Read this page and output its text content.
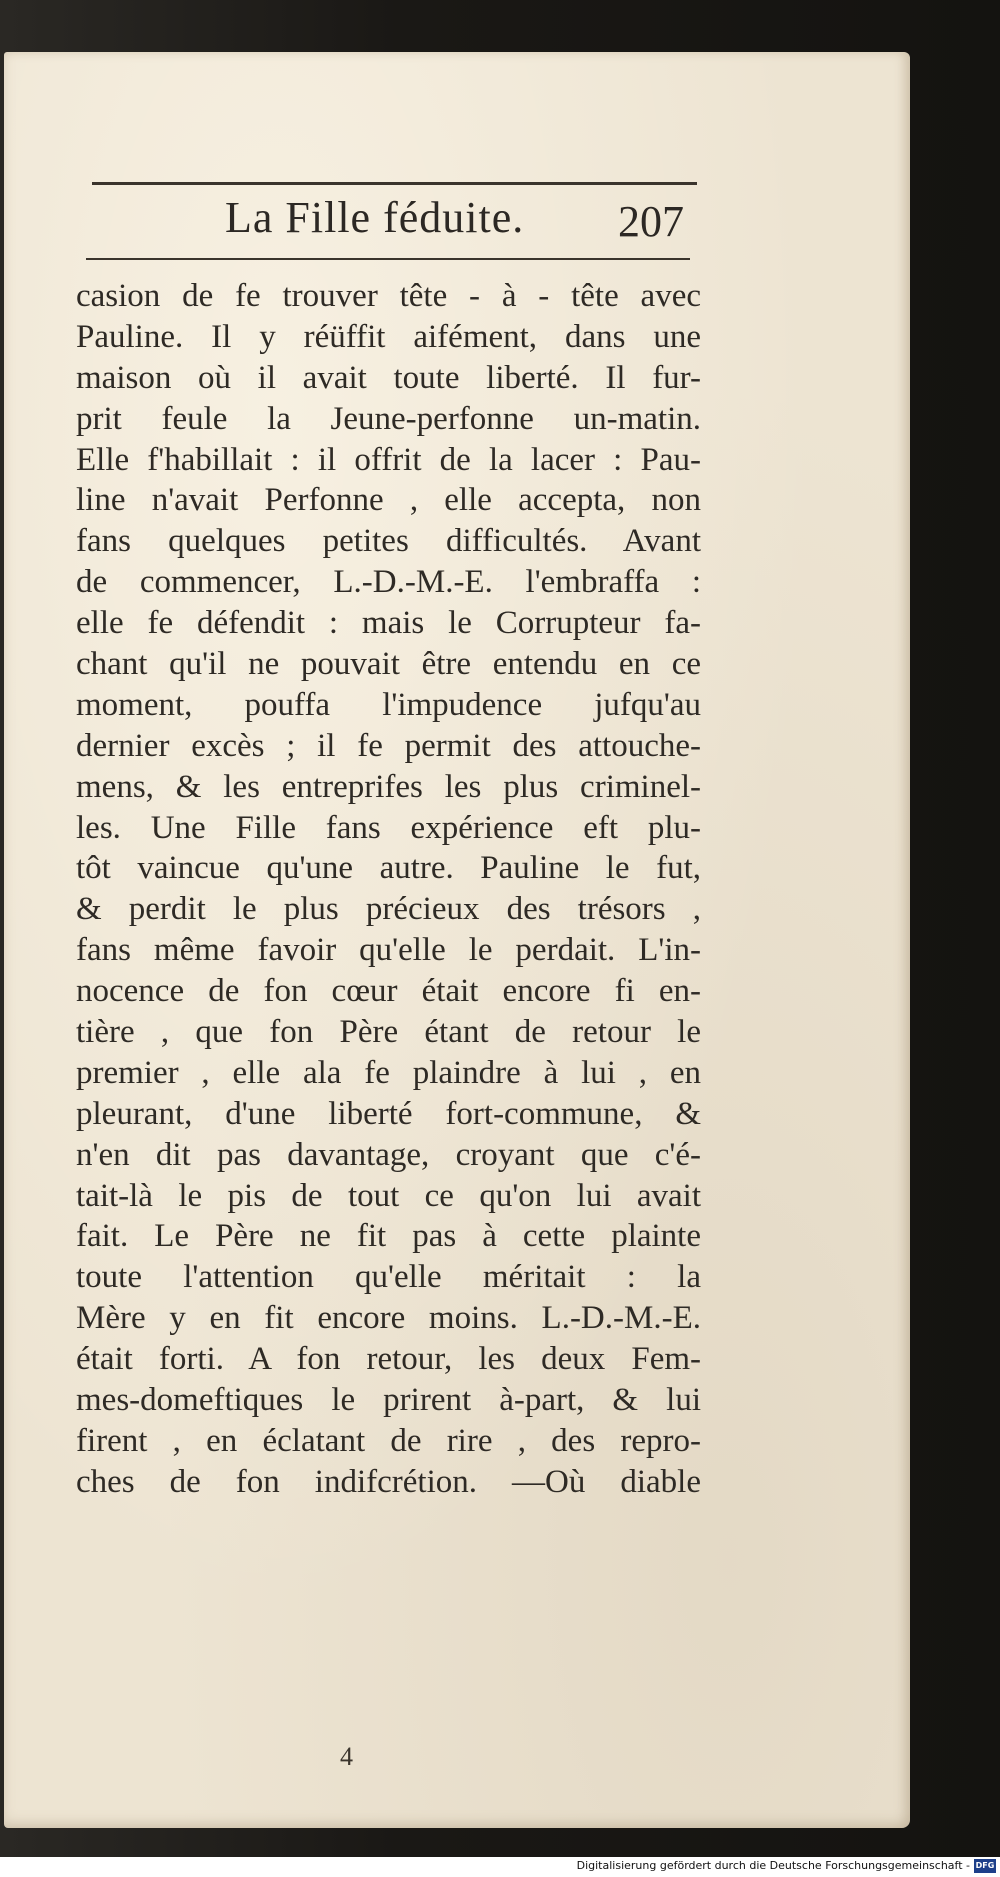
La Fille féduite. 207
casion de fe trouver tête - à - tête avec
Pauline. Il y réüffit aifément, dans une
maison où il avait toute liberté. Il fur-
prit feule la Jeune-perfonne un-matin.
Elle f'habillait : il offrit de la lacer : Pau-
line n'avait Perfonne , elle accepta, non
fans quelques petites difficultés. Avant
de commencer, L.-D.-M.-E. l'embraffa :
elle fe défendit : mais le Corrupteur fa-
chant qu'il ne pouvait être entendu en ce
moment, pouffa l'impudence jufqu'au
dernier excès ; il fe permit des attouche-
mens, & les entreprifes les plus criminel-
les. Une Fille fans expérience eft plu-
tôt vaincue qu'une autre. Pauline le fut,
& perdit le plus précieux des trésors ,
fans même favoir qu'elle le perdait. L'in-
nocence de fon cœur était encore fi en-
tière , que fon Père étant de retour le
premier , elle ala fe plaindre à lui , en
pleurant, d'une liberté fort-commune, &
n'en dit pas davantage, croyant que c'é-
tait-là le pis de tout ce qu'on lui avait
fait. Le Père ne fit pas à cette plainte
toute l'attention qu'elle méritait : la
Mère y en fit encore moins. L.-D.-M.-E.
était forti. A fon retour, les deux Fem-
mes-domeftiques le prirent à-part, & lui
firent , en éclatant de rire , des repro-
ches de fon indifcrétion. —Où diable
4
Digitalisierung gefördert durch die Deutsche Forschungsgemeinschaft - DFG
